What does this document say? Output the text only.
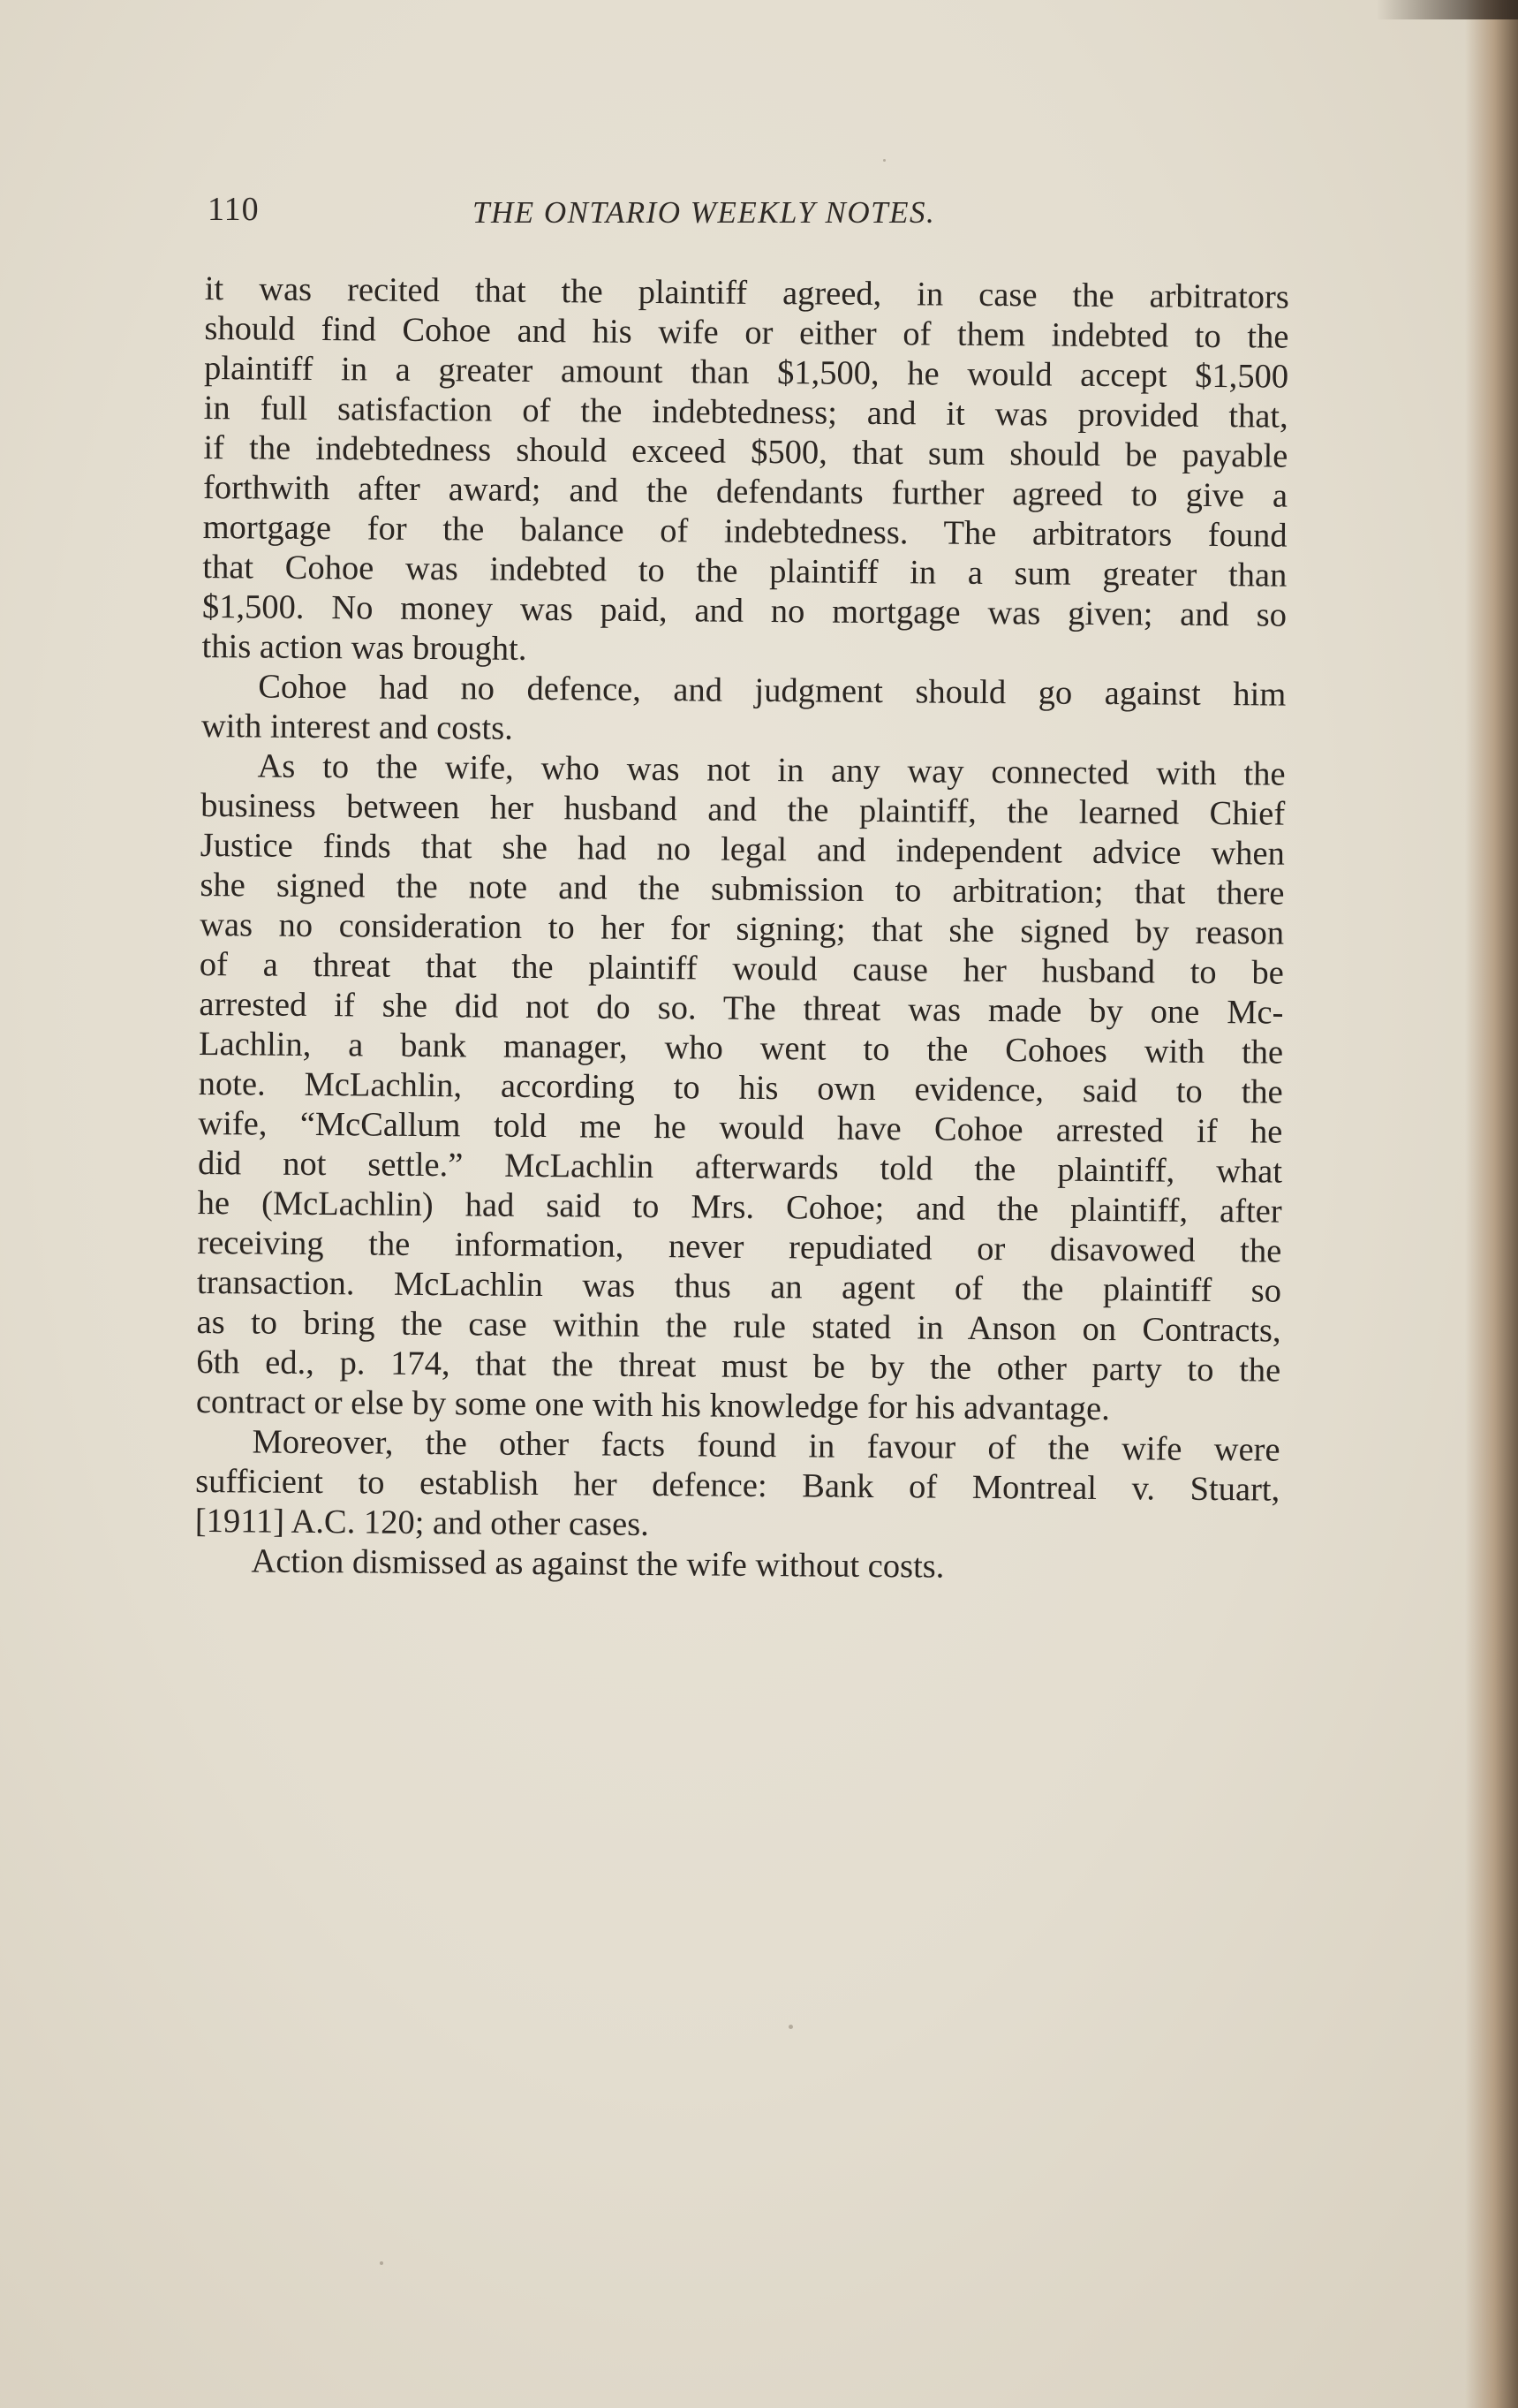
110	THE ONTARIO WEEKLY NOTES.
it was recited that the plaintiff agreed, in case the arbitrators
should find Cohoe and his wife or either of them indebted to the
plaintiff in a greater amount than $1,500, he would accept $1,500
in full satisfaction of the indebtedness; and it was provided that,
if the indebtedness should exceed $500, that sum should be payable
forthwith after award; and the defendants further agreed to give a
mortgage for the balance of indebtedness. The arbitrators found
that Cohoe was indebted to the plaintiff in a sum greater than
$1,500. No money was paid, and no mortgage was given; and so
this action was brought.
Cohoe had no defence, and judgment should go against him
with interest and costs.
As to the wife, who was not in any way connected with the
business between her husband and the plaintiff, the learned Chief
Justice finds that she had no legal and independent advice when
she signed the note and the submission to arbitration; that there
was no consideration to her for signing; that she signed by reason
of a threat that the plaintiff would cause her husband to be
arrested if she did not do so. The threat was made by one Mc-
Lachlin, a bank manager, who went to the Cohoes with the
note. McLachlin, according to his own evidence, said to the
wife, “McCallum told me he would have Cohoe arrested if he
did not settle.” McLachlin afterwards told the plaintiff, what
he (McLachlin) had said to Mrs. Cohoe; and the plaintiff, after
receiving the information, never repudiated or disavowed the
transaction. McLachlin was thus an agent of the plaintiff so
as to bring the case within the rule stated in Anson on Contracts,
6th ed., p. 174, that the threat must be by the other party to the
contract or else by some one with his knowledge for his advantage.
Moreover, the other facts found in favour of the wife were
sufficient to establish her defence: Bank of Montreal v. Stuart,
[1911] A.C. 120; and other cases.
Action dismissed as against the wife without costs.
